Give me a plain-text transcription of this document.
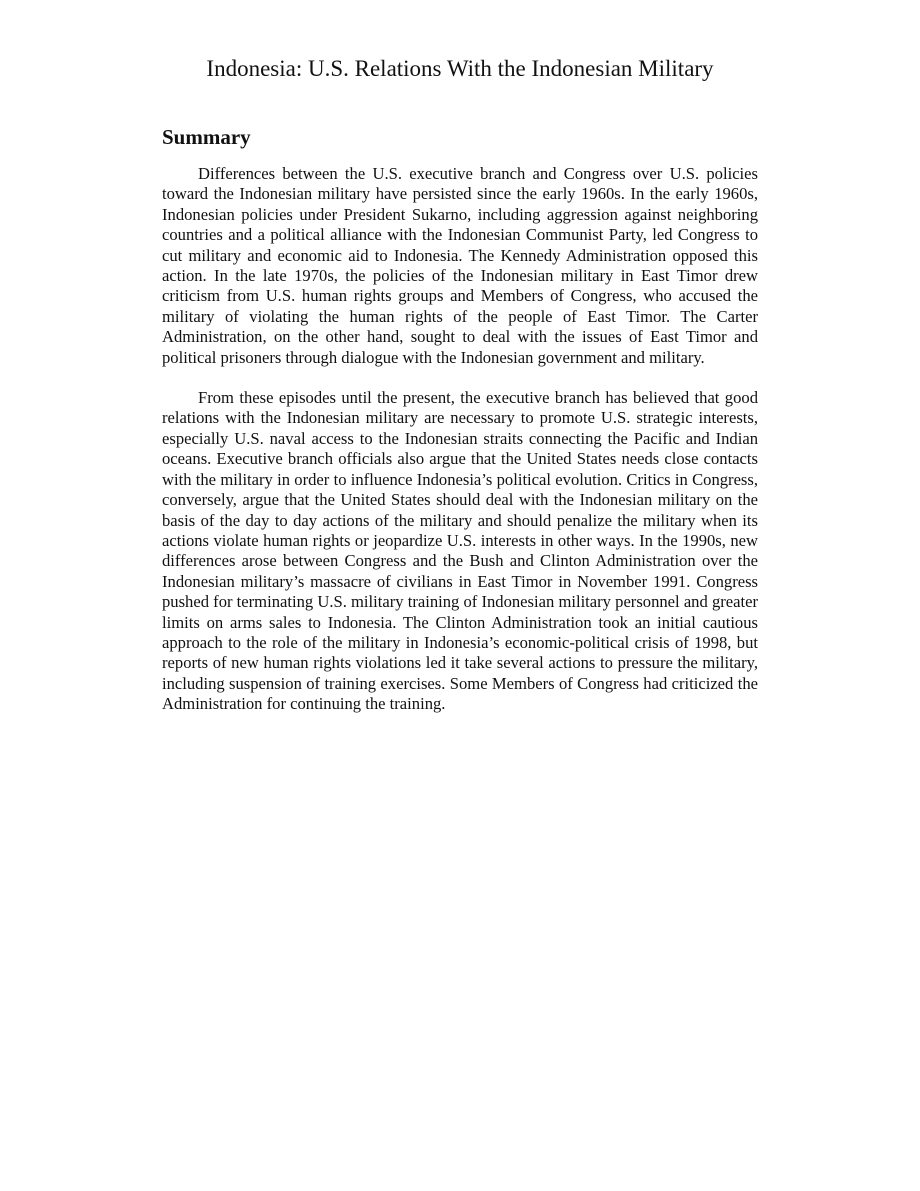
Indonesia: U.S. Relations With the Indonesian Military
Summary

Differences between the U.S. executive branch and Congress over U.S. policies toward the Indonesian military have persisted since the early 1960s. In the early 1960s, Indonesian policies under President Sukarno, including aggression against neighboring countries and a political alliance with the Indonesian Communist Party, led Congress to cut military and economic aid to Indonesia. The Kennedy Administration opposed this action. In the late 1970s, the policies of the Indonesian military in East Timor drew criticism from U.S. human rights groups and Members of Congress, who accused the military of violating the human rights of the people of East Timor. The Carter Administration, on the other hand, sought to deal with the issues of East Timor and political prisoners through dialogue with the Indonesian government and military.

From these episodes until the present, the executive branch has believed that good relations with the Indonesian military are necessary to promote U.S. strategic interests, especially U.S. naval access to the Indonesian straits connecting the Pacific and Indian oceans. Executive branch officials also argue that the United States needs close contacts with the military in order to influence Indonesia’s political evolution. Critics in Congress, conversely, argue that the United States should deal with the Indonesian military on the basis of the day to day actions of the military and should penalize the military when its actions violate human rights or jeopardize U.S. interests in other ways. In the 1990s, new differences arose between Congress and the Bush and Clinton Administration over the Indonesian military’s massacre of civilians in East Timor in November 1991. Congress pushed for terminating U.S. military training of Indonesian military personnel and greater limits on arms sales to Indonesia. The Clinton Administration took an initial cautious approach to the role of the military in Indonesia’s economic-political crisis of 1998, but reports of new human rights violations led it take several actions to pressure the military, including suspension of training exercises. Some Members of Congress had criticized the Administration for continuing the training.
